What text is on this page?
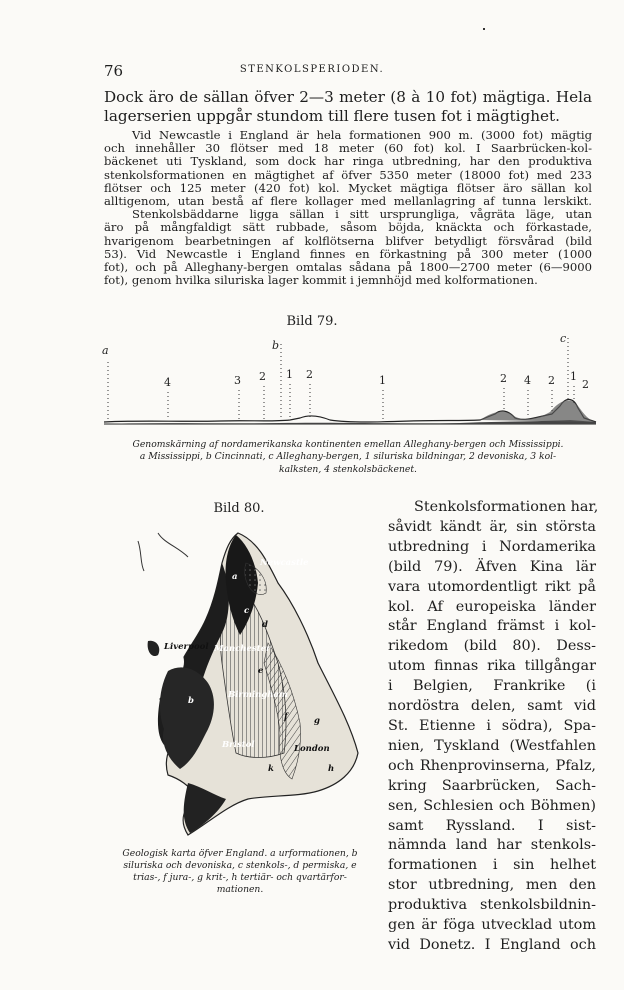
76	STENKOLSPERIODEN.
Dock äro de sällan öfver 2—3 meter (8 à 10 fot) mägtiga. Hela
lagerserien uppgår stundom till flere tusen fot i mägtighet.
Vid Newcastle i England är hela formationen 900 m. (3000 fot) mägtig
och innehåller 30 flötser med 18 meter (60 fot) kol. I Saarbrücken-kol-
bäckenet uti Tyskland, som dock har ringa utbredning, har den produktiva
stenkolsformationen en mägtighet af öfver 5350 meter (18000 fot) med 233
flötser och 125 meter (420 fot) kol. Mycket mägtiga flötser äro sällan kol
alltigenom, utan bestå af flere kollager med mellanlagring af tunna lerskikt.
Stenkolsbäddarne ligga sällan i sitt ursprungliga, vågräta läge, utan
äro på mångfaldigt sätt rubbade, såsom böjda, knäckta och förkastade,
hvarigenom bearbetningen af kolflötserna blifver betydligt försvårad (bild
53). Vid Newcastle i England finnes en förkastning på 300 meter (1000
fot), och på Alleghany-bergen omtalas sådana på 1800—2700 meter (6—9000
fot), genom hvilka siluriska lager kommit i jemnhöjd med kolformationen.
Bild 79.
a	b
c
4	3 2 1 2	1	2 4 2 1
2
Genomskärning af nordamerikanska kontinenten emellan Alleghany-bergen och Mississippi.
a Mississippi, b Cincinnati, c Alleghany-bergen, 1 siluriska bildningar, 2 devoniska, 3 kol-
kalksten, 4 stenkolsbäckenet.
Bild 80.
Newcastle
Liverpool Manchester
Birmingham
Bristol	London
a
c
d
b
e
f	g
h
k
Geologisk karta öfver England. a urformationen, b
siluriska och devoniska, c stenkols-, d permiska, e
trias-, f jura-, g krit-, h tertiär- och qvartärfor-
mationen.
Stenkolsformationen har,
såvidt kändt är, sin största
utbredning i Nordamerika
(bild 79). Äfven Kina lär
vara utomordentligt rikt på
kol. Af europeiska länder
står England främst i kol-
rikedom (bild 80). Dess-
utom finnas rika tillgångar
i Belgien, Frankrike (i
nordöstra delen, samt vid
St. Etienne i södra), Spa-
nien, Tyskland (Westfahlen
och Rhenprovinserna, Pfalz,
kring Saarbrücken, Sach-
sen, Schlesien och Böhmen)
samt Ryssland. I sist-
nämnda land har stenkols-
formationen i sin helhet
stor utbredning, men den
produktiva stenkolsbildnin-
gen är föga utvecklad utom
vid Donetz. I England och
